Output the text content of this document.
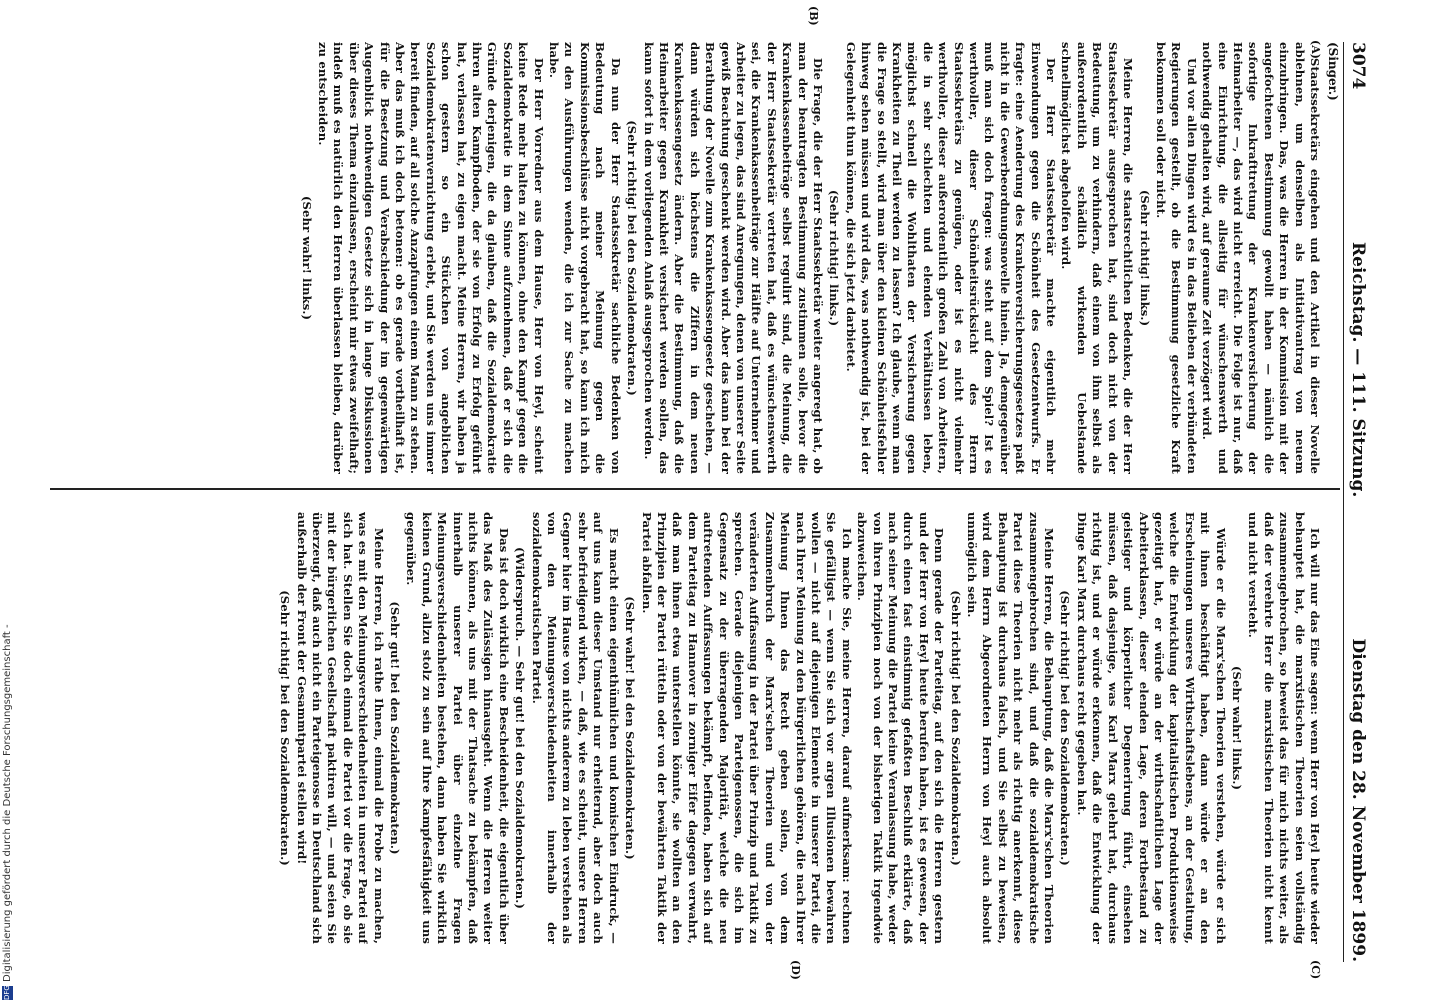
3074
Reichstag. — 111. Sitzung.
Dienstag den 28. November 1899.
(Singer.)
(A)
(B)
(C)
(D)

Staatssekretärs eingehen und den Artikel in dieser Novelle ablehnen, um denselben als Initiativantrag von neuem einzubringen. Das, was die Herren in der Kommission mit der angefochtenen Bestimmung gewollt haben — nämlich die sofortige Inkrafttretung der Krankenversicherung der Heimarbeiter —, das wird nicht erreicht. Die Folge ist nur, daß eine Einrichtung, die allseitig für wünschenswerth und nothwendig gehalten wird, auf geraume Zeit verzögert wird.

Und vor allen Dingen wird es in das Belieben der verbündeten Regierungen gestellt, ob die Bestimmung gesetzliche Kraft bekommen soll oder nicht.

(Sehr richtig! links.)

Meine Herren, die staatsrechtlichen Bedenken, die der Herr Staatssekretär ausgesprochen hat, sind doch nicht von der Bedeutung, um zu verhindern, daß einem von ihm selbst als außerordentlich schädlich wirkenden Uebelstande schnellmöglichst abgeholfen wird.

Der Herr Staatssekretär machte eigentlich mehr Einwendungen gegen die Schönheit des Gesetzentwurfs. Er fragte: eine Aenderung des Krankenversicherungsgesetzes paßt nicht in die Gewerbeordnungsnovelle hinein. Ja, demgegenüber muß man sich doch fragen: was steht auf dem Spiel? Ist es werthvoller, dieser Schönheitsrücksicht des Herrn Staatssekretärs zu genügen, oder ist es nicht vielmehr werthvoller, dieser außerordentlich großen Zahl von Arbeitern, die in sehr schlechten und elenden Verhältnissen leben, möglichst schnell die Wohlthaten der Versicherung gegen Krankheiten zu Theil werden zu lassen? Ich glaube, wenn man die Frage so stellt, wird man über den kleinen Schönheitsfehler hinweg sehen müssen und wird das, was nothwendig ist, bei der Gelegenheit thun können, die sich jetzt darbietet.

(Sehr richtig! links.)

Die Frage, die der Herr Staatssekretär weiter angeregt hat, ob man der beantragten Bestimmung zustimmen solle, bevor die Krankenkassenbeiträge selbst regulirt sind, die Meinung, die der Herr Staatssekretär vertreten hat, daß es wünschenswerth sei, die Krankenkassenbeiträge zur Hälfte auf Unternehmer und Arbeiter zu legen, das sind Anregungen, denen von unserer Seite gewiß Beachtung geschenkt werden wird. Aber das kann bei der Berathung der Novelle zum Krankenkassengesetz geschehen, — dann würden sich höchstens die Ziffern in dem neuen Krankenkassengesetz ändern. Aber die Bestimmung, daß die Heimarbeiter gegen Krankheit versichert werden sollen, das kann sofort in dem vorliegenden Anlaß ausgesprochen werden.

(Sehr richtig! bei den Sozialdemokraten.)

Da nun der Herr Staatssekretär sachliche Bedenken von Bedeutung nach meiner Meinung gegen die Kommissionsbeschlüsse nicht vorgebracht hat, so kann ich mich zu den Ausführungen wenden, die ich zur Sache zu machen habe.

Der Herr Vorredner aus dem Hause, Herr von Heyl, scheint keine Rede mehr halten zu können, ohne den Kampf gegen die Sozialdemokratie in dem Sinne aufzunehmen, daß er sich die Gründe derjenigen, die da glauben, daß die Sozialdemokratie ihren alten Kampfboden, der sie von Erfolg zu Erfolg geführt hat, verlassen hat, zu eigen macht. Meine Herren, wir haben ja schon gestern so ein Stückchen von angeblichen Sozialdemokratenvernichtung erlebt, und Sie werden uns immer bereit finden, auf all solche Anzapfungen einem Mann zu stehen. Aber das muß ich doch betonen: ob es gerade vortheilhaft ist, für die Besetzung und Verabschiedung der im gegenwärtigen Augenblick nothwendigen Gesetze sich in lange Diskussionen über dieses Thema einzulassen, erscheint mir etwas zweifelhaft; indeß muß es natürlich den Herren überlassen bleiben, darüber zu entscheiden.

(Sehr wahr! links.)

Ich will nur das Eine sagen: wenn Herr von Heyl heute wieder behauptet hat, die marxistischen Theorien seien vollständig zusammengebrochen, so beweist das für mich nichts weiter, als daß der verehrte Herr die marxistischen Theorien nicht kennt und nicht versteht.

(Sehr wahr! links.)

Würde er die Marx'schen Theorien verstehen, würde er sich mit ihnen beschäftigt haben, dann würde er an den Erscheinungen unseres Wirthschaftslebens, an der Gestaltung, welche die Entwicklung der kapitalistischen Produktionsweise gezeitigt hat, er würde an der wirthschaftlichen Lage der Arbeiterklassen, dieser elenden Lage, deren Fortbestand zu geistiger und körperlicher Degenerirung führt, einsehen müssen, daß dasjenige, was Karl Marx gelehrt hat, durchaus richtig ist, und er würde erkennen, daß die Entwicklung der Dinge Karl Marx durchaus recht gegeben hat.

(Sehr richtig! bei den Sozialdemokraten.)

Meine Herren, die Behauptung, daß die Marx'schen Theorien zusammengebrochen sind, und daß die sozialdemokratische Partei diese Theorien nicht mehr als richtig anerkennt, diese Behauptung ist durchaus falsch, und Sie selbst zu beweisen, wird dem Herrn Abgeordneten Herrn von Heyl auch absolut unmöglich sein.

(Sehr richtig! bei den Sozialdemokraten.)

Denn gerade der Parteitag, auf den sich die Herren gestern und der Herr von Heyl heute berufen haben, ist es gewesen, der durch einen fast einstimmig gefaßten Beschluß erklärte, daß nach seiner Meinung die Partei keine Veranlassung habe, weder von ihren Prinzipien noch von der bisherigen Taktik irgendwie abzuweichen.

Ich mache Sie, meine Herren, darauf aufmerksam: rechnen Sie gefälligst — wenn Sie sich vor argen Illusionen bewahren wollen — nicht auf diejenigen Elemente in unserer Partei, die nach Ihrer Meinung zu den bürgerlichen gehören, die nach Ihrer Meinung Ihnen das Recht geben sollen, von dem Zusammenbruch der Marx'schen Theorien und von der veränderten Auffassung in der Partei über Prinzip und Taktik zu sprechen. Gerade diejenigen Parteigenossen, die sich im Gegensatz zu der überragenden Majorität, welche die neu auftretenden Auffassungen bekämpft, befinden, haben sich auf dem Parteitag zu Hannover in zorniger Eifer dagegen verwahrt, daß man ihnen etwa unterstellen könnte, sie wollten an den Prinzipien der Partei rütteln oder von der bewährten Taktik der Partei abfallen.

(Sehr wahr! bei den Sozialdemokraten.)

Es macht einen eigenthümlichen und komischen Eindruck, — auf uns kann dieser Umstand nur erheiternd, aber doch auch sehr befriedigend wirken, — daß, wie es scheint, unsere Herren Gegner hier im Hause von nichts anderem zu leben verstehen als von den Meinungsverschiedenheiten innerhalb der sozialdemokratischen Partei.

(Widerspruch. — Sehr gut! bei den Sozialdemokraten.)

Das ist doch wirklich eine Bescheidenheit, die eigentlich über das Maß des Zulässigen hinausgeht. Wenn die Herren weiter nichts können, als uns mit der Thatsache zu bekämpfen, daß innerhalb unserer Partei über einzelne Fragen Meinungsverschiedenheiten bestehen, dann haben Sie wirklich keinen Grund, allzu stolz zu sein auf Ihre Kampfesfähigkeit uns gegenüber.

(Sehr gut! bei den Sozialdemokraten.)

Meine Herren, ich rathe Ihnen, einmal die Probe zu machen, was es mit den Meinungsverschiedenheiten in unserer Partei auf sich hat. Stellen Sie doch einmal die Partei vor die Frage, ob sie mit der bürgerlichen Gesellschaft paktiren will, — und seien Sie überzeugt, daß auch nicht ein Parteigenosse in Deutschland sich außerhalb der Front der Gesammtpartei stellen wird!

(Sehr richtig! bei den Sozialdemokraten.)

DFG
Digitalisierung gefördert durch die Deutsche Forschungsgemeinschaft -
